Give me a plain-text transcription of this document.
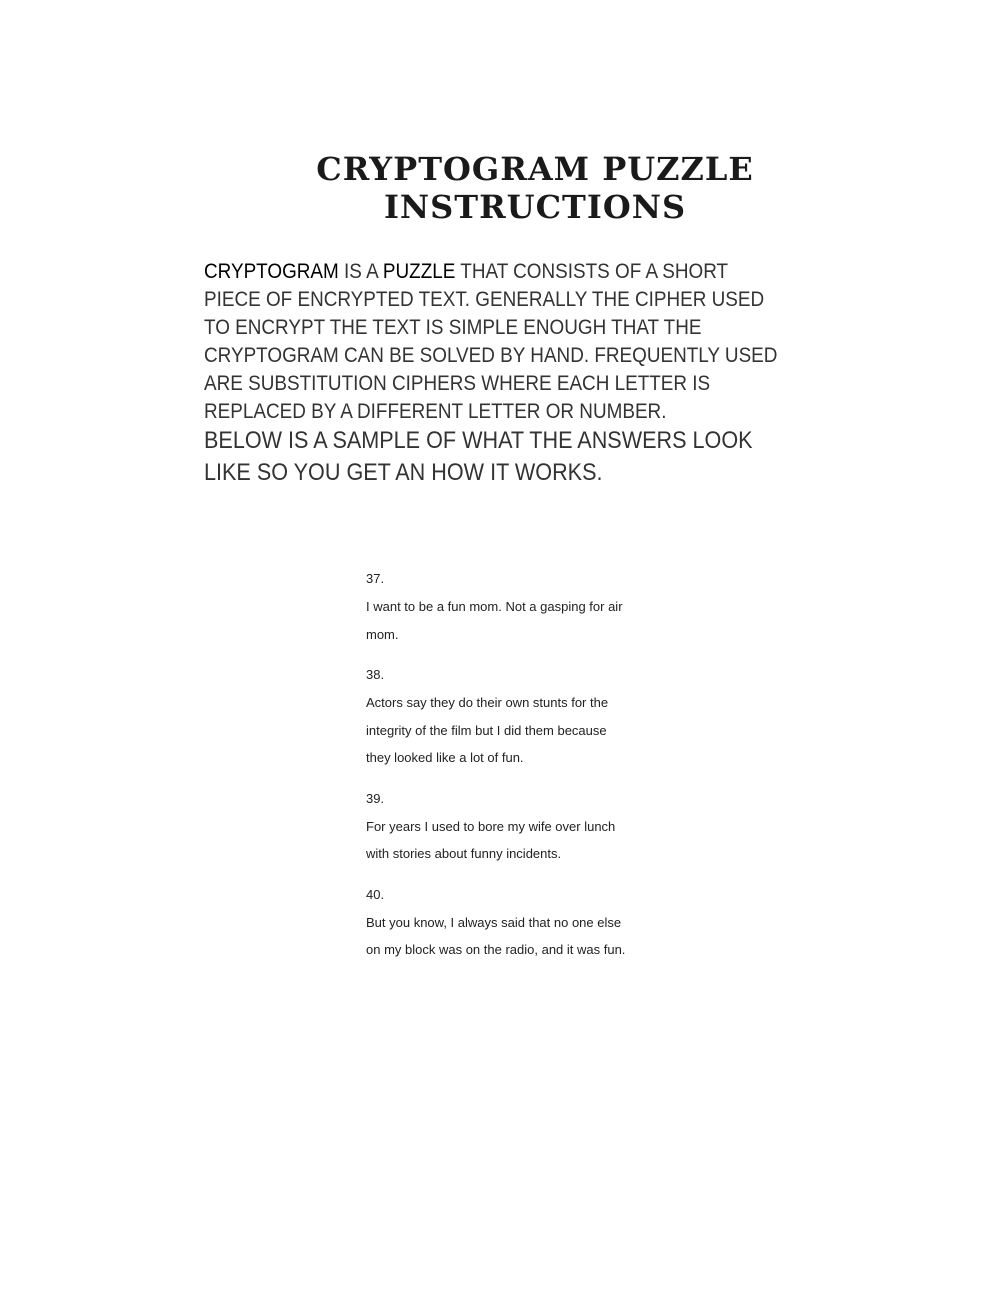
CRYPTOGRAM PUZZLE
INSTRUCTIONS

CRYPTOGRAM IS A PUZZLE THAT CONSISTS OF A SHORT PIECE OF ENCRYPTED TEXT. GENERALLY THE CIPHER USED TO ENCRYPT THE TEXT IS SIMPLE ENOUGH THAT THE CRYPTOGRAM CAN BE SOLVED BY HAND. FREQUENTLY USED ARE SUBSTITUTION CIPHERS WHERE EACH LETTER IS REPLACED BY A DIFFERENT LETTER OR NUMBER.

BELOW IS A SAMPLE OF WHAT THE ANSWERS LOOK LIKE SO YOU GET AN HOW IT WORKS.

37.
I want to be a fun mom. Not a gasping for air
mom.
38.
Actors say they do their own stunts for the
integrity of the film but I did them because
they looked like a lot of fun.
39.
For years I used to bore my wife over lunch
with stories about funny incidents.
40.
But you know, I always said that no one else
on my block was on the radio, and it was fun.
